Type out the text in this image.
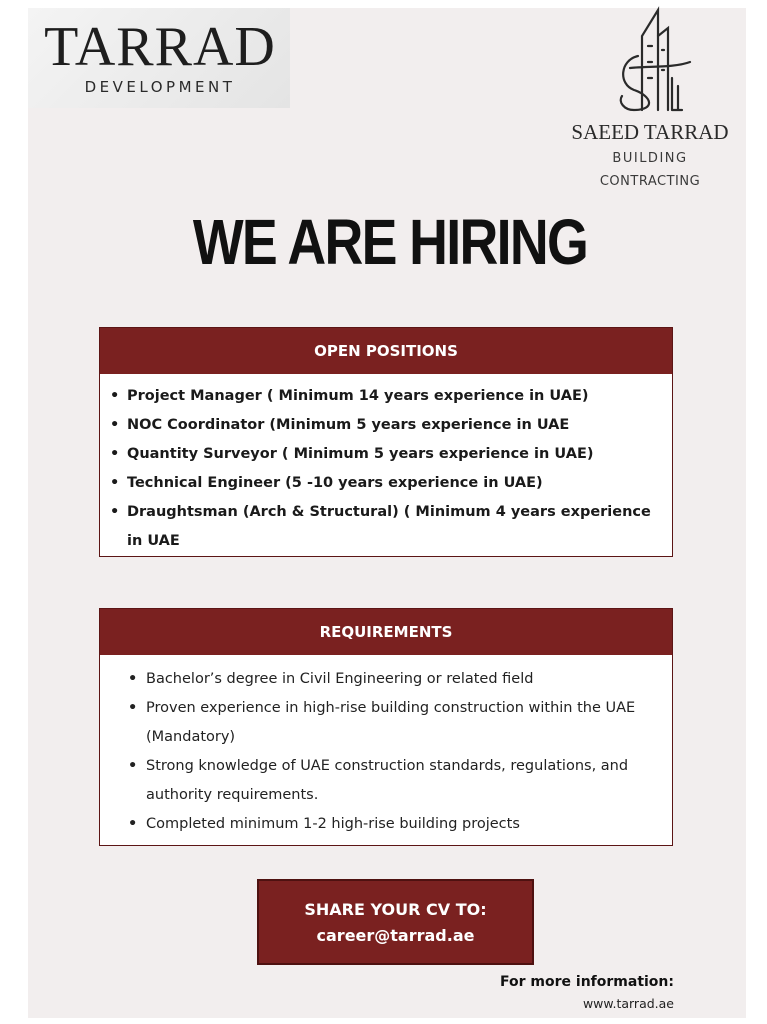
TARRAD
DEVELOPMENT
SAEED TARRAD
BUILDING
CONTRACTING
WE ARE HIRING
OPEN POSITIONS
• Project Manager ( Minimum 14 years experience in UAE)
• NOC Coordinator (Minimum 5 years experience in UAE
• Quantity Surveyor ( Minimum 5 years experience in UAE)
• Technical Engineer (5 -10 years experience in UAE)
• Draughtsman (Arch & Structural) ( Minimum 4 years experience in UAE
REQUIREMENTS
• Bachelor’s degree in Civil Engineering or related field
• Proven experience in high-rise building construction within the UAE (Mandatory)
• Strong knowledge of UAE construction standards, regulations, and authority requirements.
• Completed minimum 1-2 high-rise building projects
SHARE YOUR CV TO:
career@tarrad.ae
For more information:
www.tarrad.ae
